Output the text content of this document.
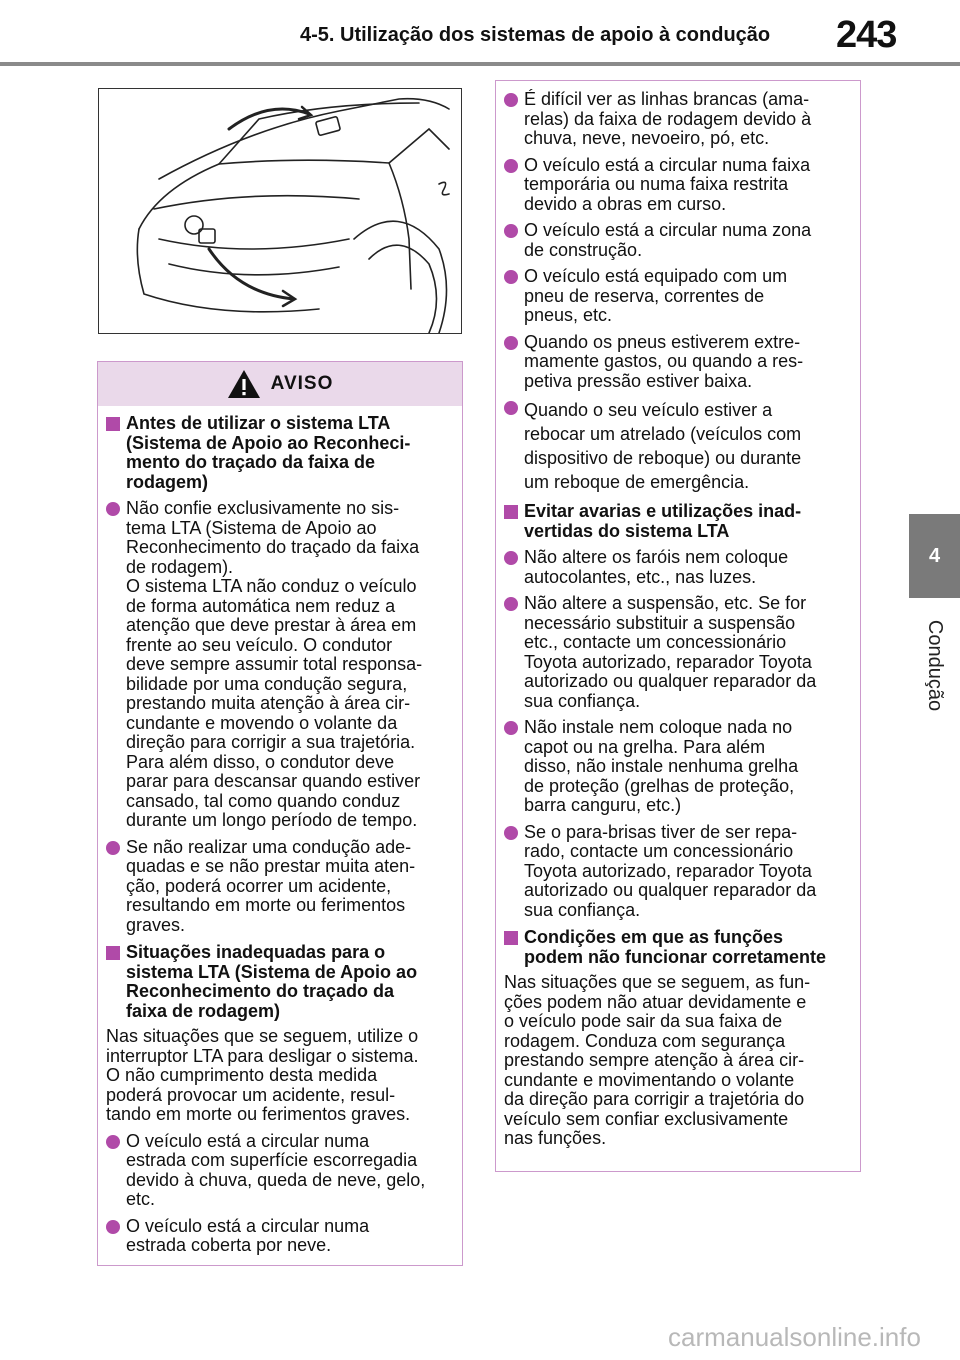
4-5. Utilização dos sistemas de apoio à condução 243
4
Condução
AVISO
Antes de utilizar o sistema LTA
(Sistema de Apoio ao Reconheci-
mento do traçado da faixa de
rodagem)
Não confie exclusivamente no sis-
tema LTA (Sistema de Apoio ao
Reconhecimento do traçado da faixa
de rodagem).
O sistema LTA não conduz o veículo
de forma automática nem reduz a
atenção que deve prestar à área em
frente ao seu veículo. O condutor
deve sempre assumir total responsa-
bilidade por uma condução segura,
prestando muita atenção à área cir-
cundante e movendo o volante da
direção para corrigir a sua trajetória.
Para além disso, o condutor deve
parar para descansar quando estiver
cansado, tal como quando conduz
durante um longo período de tempo.
Se não realizar uma condução ade-
quadas e se não prestar muita aten-
ção, poderá ocorrer um acidente,
resultando em morte ou ferimentos
graves.
Situações inadequadas para o
sistema LTA (Sistema de Apoio ao
Reconhecimento do traçado da
faixa de rodagem)
Nas situações que se seguem, utilize o
interruptor LTA para desligar o sistema.
O não cumprimento desta medida
poderá provocar um acidente, resul-
tando em morte ou ferimentos graves.
O veículo está a circular numa
estrada com superfície escorregadia
devido à chuva, queda de neve, gelo,
etc.
O veículo está a circular numa
estrada coberta por neve.
É difícil ver as linhas brancas (ama-
relas) da faixa de rodagem devido à
chuva, neve, nevoeiro, pó, etc.
O veículo está a circular numa faixa
temporária ou numa faixa restrita
devido a obras em curso.
O veículo está a circular numa zona
de construção.
O veículo está equipado com um
pneu de reserva, correntes de
pneus, etc.
Quando os pneus estiverem extre-
mamente gastos, ou quando a res-
petiva pressão estiver baixa.
Quando o seu veículo estiver a
rebocar um atrelado (veículos com
dispositivo de reboque) ou durante
um reboque de emergência.
Evitar avarias e utilizações inad-
vertidas do sistema LTA
Não altere os faróis nem coloque
autocolantes, etc., nas luzes.
Não altere a suspensão, etc. Se for
necessário substituir a suspensão
etc., contacte um concessionário
Toyota autorizado, reparador Toyota
autorizado ou qualquer reparador da
sua confiança.
Não instale nem coloque nada no
capot ou na grelha. Para além
disso, não instale nenhuma grelha
de proteção (grelhas de proteção,
barra canguru, etc.)
Se o para-brisas tiver de ser repa-
rado, contacte um concessionário
Toyota autorizado, reparador Toyota
autorizado ou qualquer reparador da
sua confiança.
Condições em que as funções
podem não funcionar corretamente
Nas situações que se seguem, as fun-
ções podem não atuar devidamente e
o veículo pode sair da sua faixa de
rodagem. Conduza com segurança
prestando sempre atenção à área cir-
cundante e movimentando o volante
da direção para corrigir a trajetória do
veículo sem confiar exclusivamente
nas funções.
carmanualsonline.info
